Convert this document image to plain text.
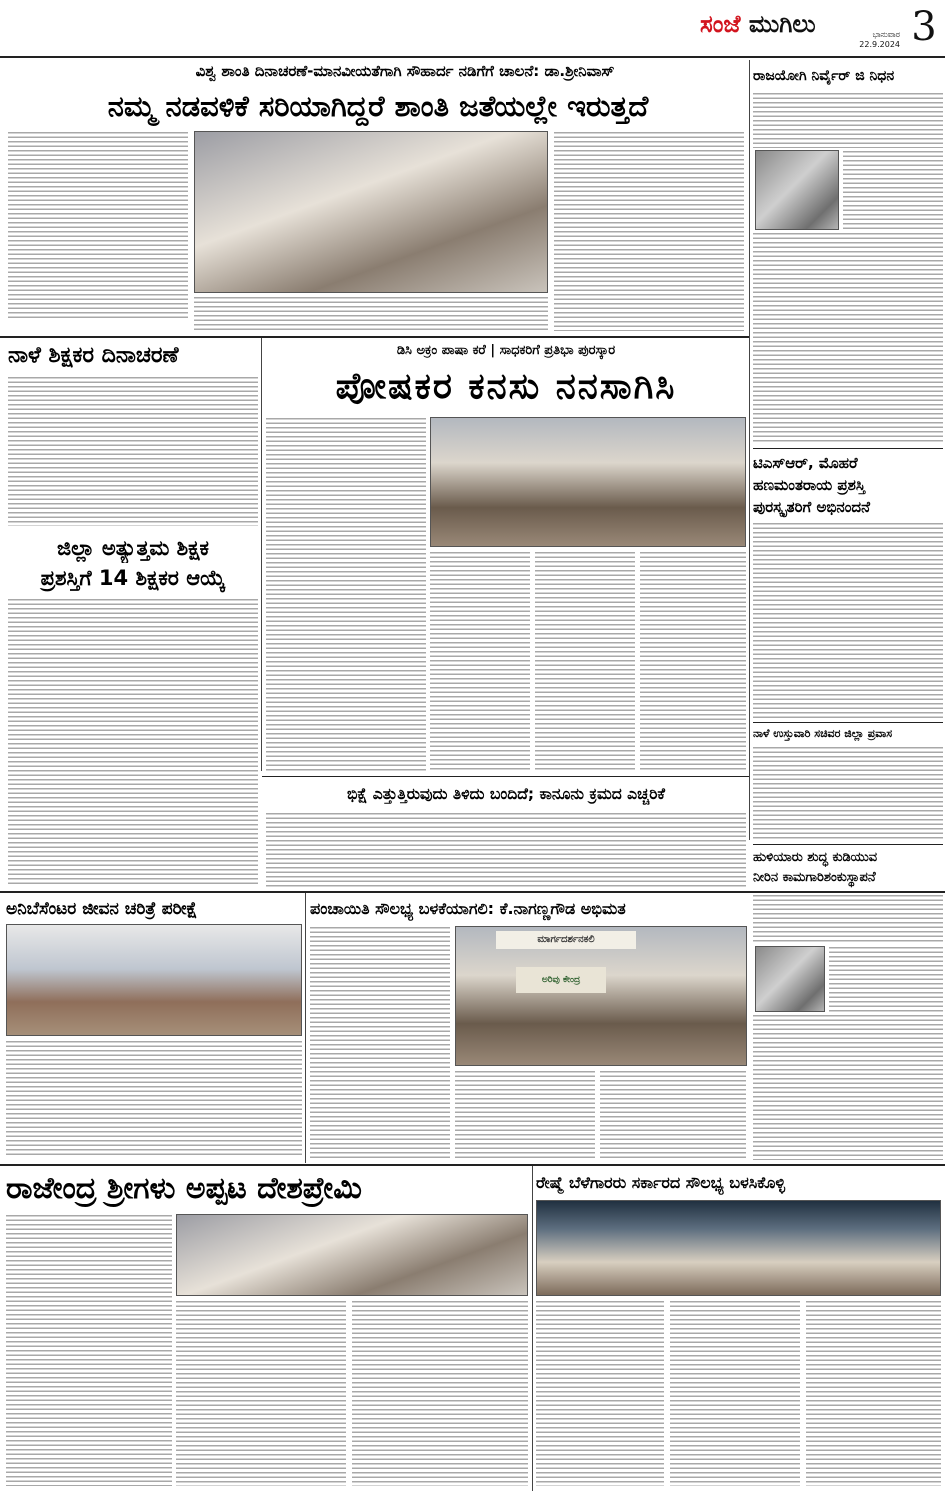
ಸಂಜೆ ಮುಗಿಲು	ಭಾನುವಾರ
22.9.2024 3
ವಿಶ್ವ ಶಾಂತಿ ದಿನಾಚರಣೆ-ಮಾನವೀಯತೆಗಾಗಿ ಸೌಹಾರ್ದ ನಡಿಗೆಗೆ ಚಾಲನೆ: ಡಾ.ಶ್ರೀನಿವಾಸ್
ನಮ್ಮ ನಡವಳಿಕೆ ಸರಿಯಾಗಿದ್ದರೆ ಶಾಂತಿ ಜತೆಯಲ್ಲೇ ಇರುತ್ತದೆ
ರಾಜಯೋಗಿ ನಿರ್ವೈರ್ ಜಿ ನಿಧನ
ನಾಳೆ ಶಿಕ್ಷಕರ ದಿನಾಚರಣೆ	ಡಿಸಿ ಅಕ್ರಂ ಪಾಷಾ ಕರೆ | ಸಾಧಕರಿಗೆ ಪ್ರತಿಭಾ ಪುರಸ್ಕಾರ
ಪೋಷಕರ ಕನಸು ನನಸಾಗಿಸಿ
ಜಿಲ್ಲಾ ಅತ್ಯುತ್ತಮ ಶಿಕ್ಷಕ
ಪ್ರಶಸ್ತಿಗೆ 14 ಶಿಕ್ಷಕರ ಆಯ್ಕೆ
ಟಿಎಸ್‌ಆರ್, ಮೊಹರೆ
ಹಣಮಂತರಾಯ ಪ್ರಶಸ್ತಿ
ಪುರಸ್ಕೃತರಿಗೆ ಅಭಿನಂದನೆ
ನಾಳೆ ಉಸ್ತುವಾರಿ ಸಚಿವರ ಜಿಲ್ಲಾ ಪ್ರವಾಸ
ಭಿಕ್ಷೆ ಎತ್ತುತ್ತಿರುವುದು ತಿಳಿದು ಬಂದಿದೆ; ಕಾನೂನು ಕ್ರಮದ ಎಚ್ಚರಿಕೆ
ಹುಳಿಯಾರು ಶುದ್ಧ ಕುಡಿಯುವ
ನೀರಿನ ಕಾಮಗಾರಿಶಂಕುಸ್ಥಾಪನೆ
ಅನಿಬೆಸೆಂಟರ ಜೀವನ ಚರಿತ್ರೆ ಪರೀಕ್ಷೆ	ಪಂಚಾಯಿತಿ ಸೌಲಭ್ಯ ಬಳಕೆಯಾಗಲಿ: ಕೆ.ನಾಗಣ್ಣಗೌಡ ಅಭಿಮತ
ಮಾರ್ಗದರ್ಶನಕಲಿ
ಅರಿವು ಕೇಂದ್ರ
ರಾಜೇಂದ್ರ ಶ್ರೀಗಳು ಅಪ್ಪಟ ದೇಶಪ್ರೇಮಿ	ರೇಷ್ಮೆ ಬೆಳೆಗಾರರು ಸರ್ಕಾರದ ಸೌಲಭ್ಯ ಬಳಸಿಕೊಳ್ಳಿ
